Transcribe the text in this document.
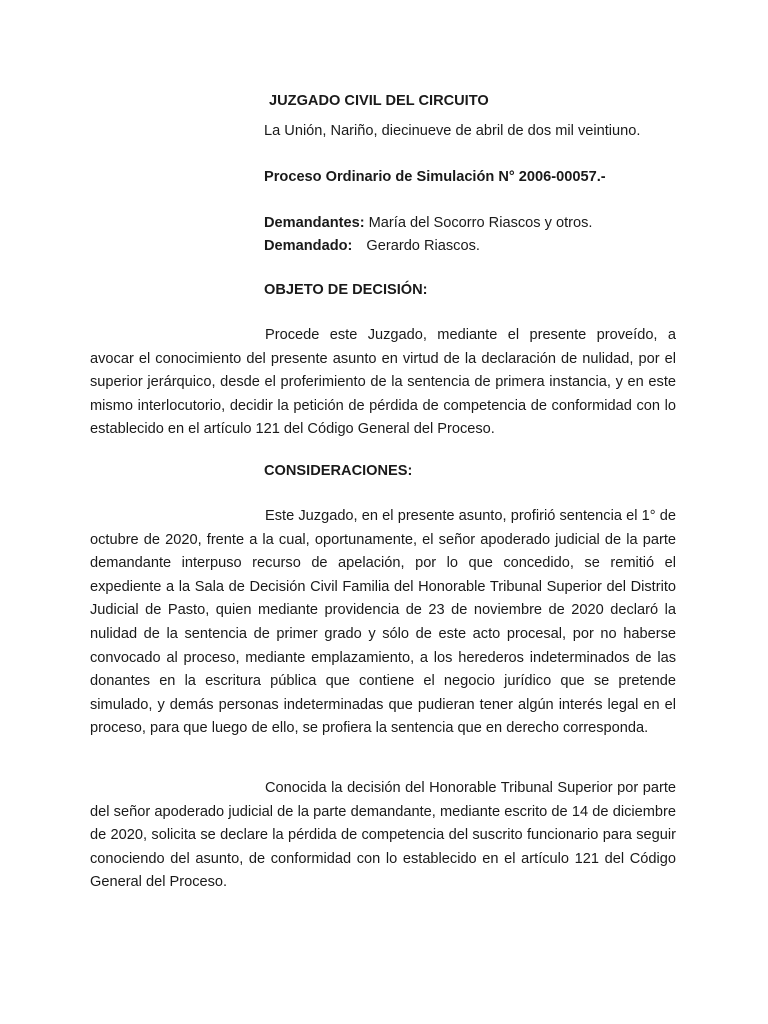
JUZGADO CIVIL DEL CIRCUITO
La Unión, Nariño, diecinueve de abril de dos mil veintiuno.
Proceso Ordinario de Simulación N° 2006-00057.-
Demandantes: María del Socorro Riascos y otros.
Demandado: Gerardo Riascos.
OBJETO DE DECISIÓN:

Procede este Juzgado, mediante el presente proveído, a avocar el conocimiento del presente asunto en virtud de la declaración de nulidad, por el superior jerárquico, desde el proferimiento de la sentencia de primera instancia, y en este mismo interlocutorio, decidir la petición de pérdida de competencia de conformidad con lo establecido en el artículo 121 del Código General del Proceso.

CONSIDERACIONES:

Este Juzgado, en el presente asunto, profirió sentencia el 1° de octubre de 2020, frente a la cual, oportunamente, el señor apoderado judicial de la parte demandante interpuso recurso de apelación, por lo que concedido, se remitió el expediente a la Sala de Decisión Civil Familia del Honorable Tribunal Superior del Distrito Judicial de Pasto, quien mediante providencia de 23 de noviembre de 2020 declaró la nulidad de la sentencia de primer grado y sólo de este acto procesal, por no haberse convocado al proceso, mediante emplazamiento, a los herederos indeterminados de las donantes en la escritura pública que contiene el negocio jurídico que se pretende simulado, y demás personas indeterminadas que pudieran tener algún interés legal en el proceso, para que luego de ello, se profiera la sentencia que en derecho corresponda.

Conocida la decisión del Honorable Tribunal Superior por parte del señor apoderado judicial de la parte demandante, mediante escrito de 14 de diciembre de 2020, solicita se declare la pérdida de competencia del suscrito funcionario para seguir conociendo del asunto, de conformidad con lo establecido en el artículo 121 del Código General del Proceso.
